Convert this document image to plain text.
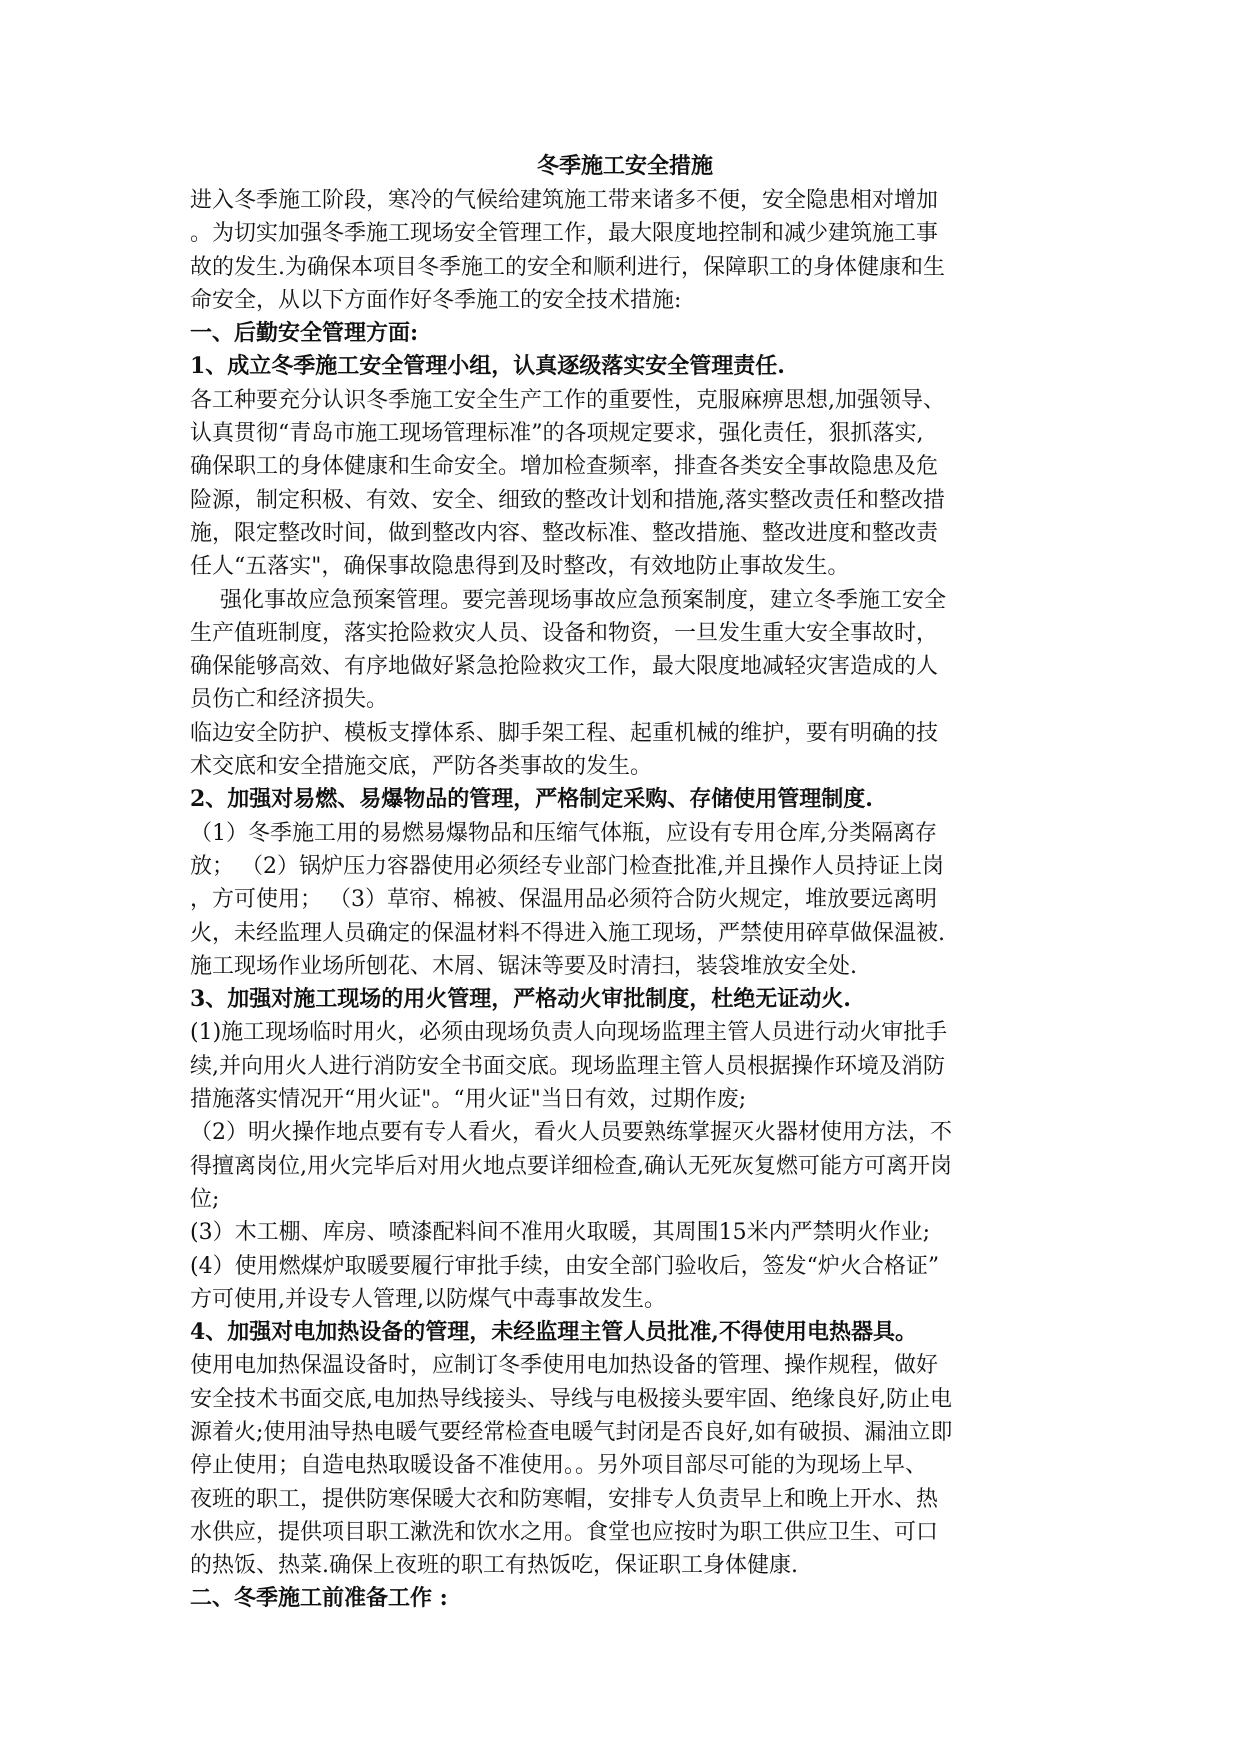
冬季施工安全措施
进入冬季施工阶段，寒冷的气候给建筑施工带来诸多不便，安全隐患相对增加
。为切实加强冬季施工现场安全管理工作，最大限度地控制和减少建筑施工事
故的发生.为确保本项目冬季施工的安全和顺利进行，保障职工的身体健康和生
命安全，从以下方面作好冬季施工的安全技术措施:
一、后勤安全管理方面:
1、成立冬季施工安全管理小组，认真逐级落实安全管理责任.
各工种要充分认识冬季施工安全生产工作的重要性，克服麻痹思想,加强领导、
认真贯彻“青岛市施工现场管理标准”的各项规定要求，强化责任，狠抓落实,
确保职工的身体健康和生命安全。增加检查频率，排查各类安全事故隐患及危
险源，制定积极、有效、安全、细致的整改计划和措施,落实整改责任和整改措
施，限定整改时间，做到整改内容、整改标准、整改措施、整改进度和整改责
任人“五落实"，确保事故隐患得到及时整改，有效地防止事故发生。
强化事故应急预案管理。要完善现场事故应急预案制度，建立冬季施工安全
生产值班制度，落实抢险救灾人员、设备和物资，一旦发生重大安全事故时，
确保能够高效、有序地做好紧急抢险救灾工作，最大限度地减轻灾害造成的人
员伤亡和经济损失。
临边安全防护、模板支撑体系、脚手架工程、起重机械的维护，要有明确的技
术交底和安全措施交底，严防各类事故的发生。
2、加强对易燃、易爆物品的管理，严格制定采购、存储使用管理制度.
（1）冬季施工用的易燃易爆物品和压缩气体瓶，应设有专用仓库,分类隔离存
放； （2）锅炉压力容器使用必须经专业部门检查批准,并且操作人员持证上岗
，方可使用； （3）草帘、棉被、保温用品必须符合防火规定，堆放要远离明
火，未经监理人员确定的保温材料不得进入施工现场，严禁使用碎草做保温被.
施工现场作业场所刨花、木屑、锯沫等要及时清扫，装袋堆放安全处.
3、加强对施工现场的用火管理，严格动火审批制度，杜绝无证动火.
(1)施工现场临时用火，必须由现场负责人向现场监理主管人员进行动火审批手
续,并向用火人进行消防安全书面交底。现场监理主管人员根据操作环境及消防
措施落实情况开“用火证"。“用火证"当日有效，过期作废;
（2）明火操作地点要有专人看火，看火人员要熟练掌握灭火器材使用方法，不
得擅离岗位,用火完毕后对用火地点要详细检查,确认无死灰复燃可能方可离开岗
位;
(3）木工棚、库房、喷漆配料间不准用火取暖，其周围15米内严禁明火作业;
(4）使用燃煤炉取暖要履行审批手续，由安全部门验收后，签发“炉火合格证”
方可使用,并设专人管理,以防煤气中毒事故发生。
4、加强对电加热设备的管理，未经监理主管人员批准,不得使用电热器具。
使用电加热保温设备时，应制订冬季使用电加热设备的管理、操作规程，做好
安全技术书面交底,电加热导线接头、导线与电极接头要牢固、绝缘良好,防止电
源着火;使用油导热电暖气要经常检查电暖气封闭是否良好,如有破损、漏油立即
停止使用；自造电热取暖设备不准使用。。另外项目部尽可能的为现场上早、
夜班的职工，提供防寒保暖大衣和防寒帽，安排专人负责早上和晚上开水、热
水供应，提供项目职工漱洗和饮水之用。食堂也应按时为职工供应卫生、可口
的热饭、热菜.确保上夜班的职工有热饭吃，保证职工身体健康.
二、冬季施工前准备工作 :
